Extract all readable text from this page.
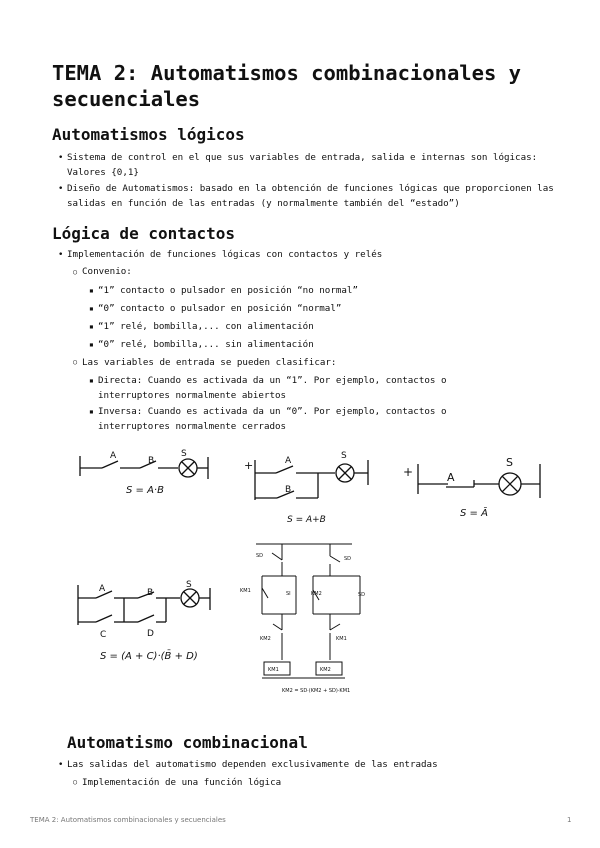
TEMA 2: Automatismos combinacionales y secuenciales
Automatismos lógicos
•
Sistema de control en el que sus variables de entrada, salida e internas son lógicas: Valores {0,1}
•
Diseño de Automatismos: basado en la obtención de funciones lógicas que proporcionen las salidas en función de las entradas (y normalmente también del “estado”)
Lógica de contactos
•
Implementación de funciones lógicas con contactos y relés
○
Convenio:
▪
“1” contacto o pulsador en posición “no normal”
▪
“0” contacto o pulsador en posición “normal”
▪
“1” relé, bombilla,... con alimentación
▪
“0” relé, bombilla,... sin alimentación
○
Las variables de entrada se pueden clasificar:
▪
Directa: Cuando es activada da un “1”. Por ejemplo, contactos o interruptores normalmente abiertos
▪
Inversa: Cuando es activada da un “0”. Por ejemplo, contactos o interruptores normalmente cerrados
A	B
S
S = A·B
+	A
B
S
S = A+B
+	A
S
S = Ā
A	B
C	D
S
S = (A + C)·(B̄ + D)
SD	SD
SI	SD
KM1	KM2
KM2	KM1
KM1	KM2
KM2 = SD·(KM2 + SD)·KM1
Automatismo combinacional
•
Las salidas del automatismo dependen exclusivamente de las entradas
○
Implementación de una función lógica
TEMA 2: Automatismos combinacionales y secuenciales	1
